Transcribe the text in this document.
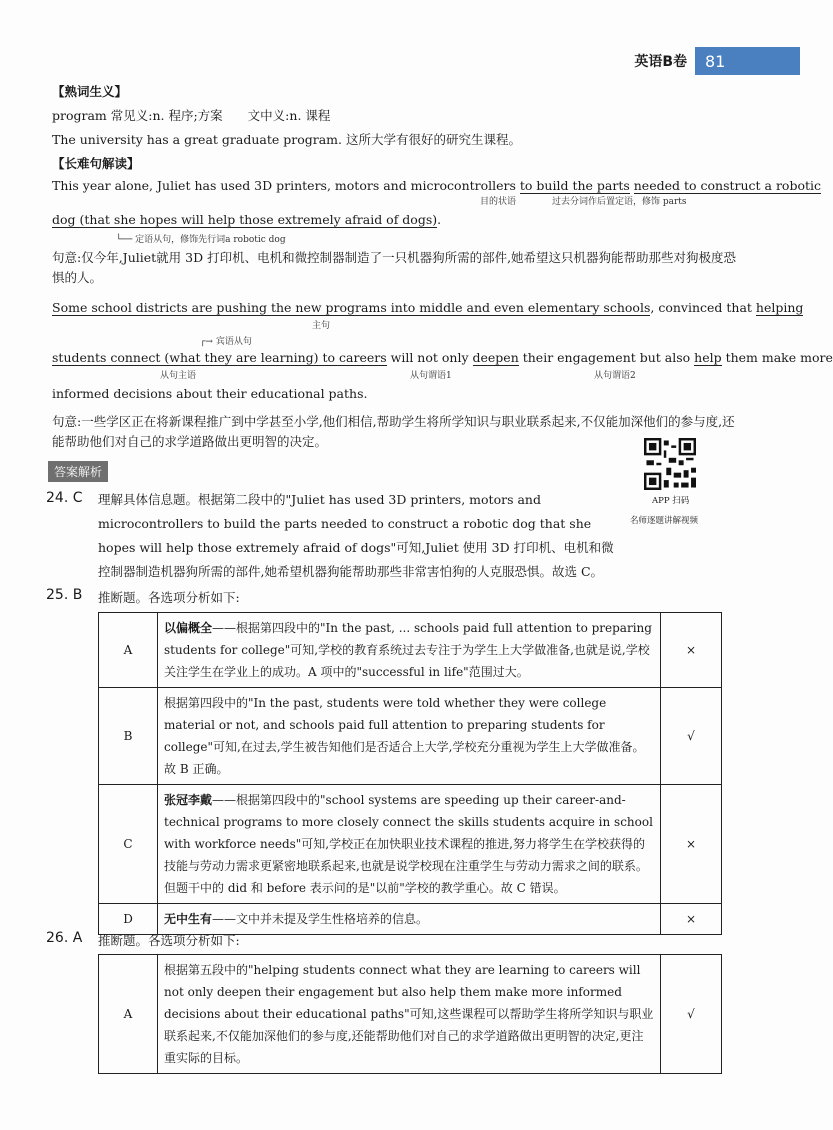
英语B卷	81
【熟词生义】
program 常见义:n. 程序;方案　　文中义:n. 课程
The university has a great graduate program. 这所大学有很好的研究生课程。
【长难句解读】
This year alone, Juliet has used 3D printers, motors and microcontrollers to build the parts needed to construct a robotic
目的状语	过去分词作后置定语，修饰 parts
dog (that she hopes will help those extremely afraid of dogs).
└── 定语从句，修饰先行词a robotic dog
句意:仅今年,Juliet就用 3D 打印机、电机和微控制器制造了一只机器狗所需的部件,她希望这只机器狗能帮助那些对狗极度恐惧的人。
Some school districts are pushing the new programs into middle and even elementary schools, convinced that helping
主句
┌→ 宾语从句
students connect (what they are learning) to careers will not only deepen their engagement but also help them make more
从句主语	从句谓语1	从句谓语2
informed decisions about their educational paths.
句意:一些学区正在将新课程推广到中学甚至小学,他们相信,帮助学生将所学知识与职业联系起来,不仅能加深他们的参与度,还能帮助他们对自己的求学道路做出更明智的决定。
答案解析
APP 扫码
名师逐题讲解视频
24. C 理解具体信息题。根据第二段中的"Juliet has used 3D printers, motors and microcontrollers to build the parts needed to construct a robotic dog that she hopes will help those extremely afraid of dogs"可知,Juliet 使用 3D 打印机、电机和微控制器制造机器狗所需的部件,她希望机器狗能帮助那些非常害怕狗的人克服恐惧。故选 C。
25. B 推断题。各选项分析如下:
A	以偏概全——根据第四段中的"In the past, ... schools paid full attention to preparing students for college"可知,学校的教育系统过去专注于为学生上大学做准备,也就是说,学校关注学生在学业上的成功。A 项中的"successful in life"范围过大。	×
B	根据第四段中的"In the past, students were told whether they were college material or not, and schools paid full attention to preparing students for college"可知,在过去,学生被告知他们是否适合上大学,学校充分重视为学生上大学做准备。故 B 正确。	√
C	张冠李戴——根据第四段中的"school systems are speeding up their career-and-technical programs to more closely connect the skills students acquire in school with workforce needs"可知,学校正在加快职业技术课程的推进,努力将学生在学校获得的技能与劳动力需求更紧密地联系起来,也就是说学校现在注重学生与劳动力需求之间的联系。但题干中的 did 和 before 表示问的是"以前"学校的教学重心。故 C 错误。	×
D	无中生有——文中并未提及学生性格培养的信息。	×
26. A 推断题。各选项分析如下:
A	根据第五段中的"helping students connect what they are learning to careers will not only deepen their engagement but also help them make more informed decisions about their educational paths"可知,这些课程可以帮助学生将所学知识与职业联系起来,不仅能加深他们的参与度,还能帮助他们对自己的求学道路做出更明智的决定,更注重实际的目标。	√
